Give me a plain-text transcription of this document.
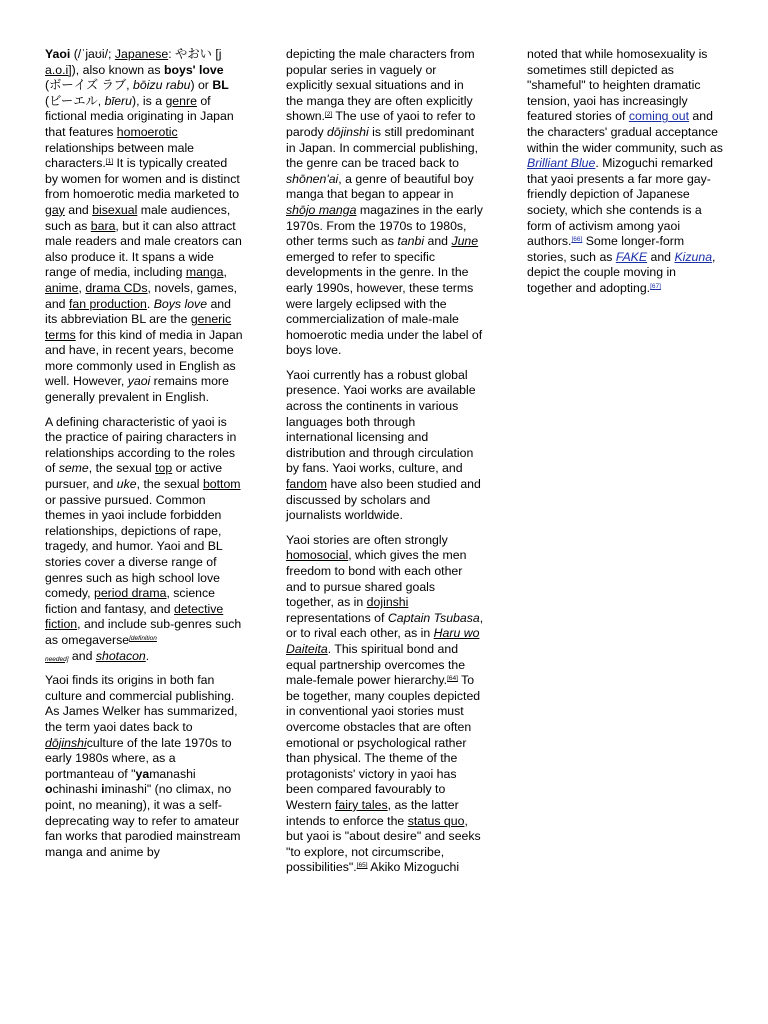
Yaoi (/ˈjaʊi/; Japanese: やおい [j a.o.i]), also known as boys' love (ボーイズ ラブ, bōizu rabu) or BL (ビーエル, bīeru), is a genre of fictional media originating in Japan that features homoerotic relationships between male characters.[1] It is typically created by women for women and is distinct from homoerotic media marketed to gay and bisexual male audiences, such as bara, but it can also attract male readers and male creators can also produce it. It spans a wide range of media, including manga, anime, drama CDs, novels, games, and fan production. Boys love and its abbreviation BL are the generic terms for this kind of media in Japan and have, in recent years, become more commonly used in English as well. However, yaoi remains more generally prevalent in English.

A defining characteristic of yaoi is the practice of pairing characters in relationships according to the roles of seme, the sexual top or active pursuer, and uke, the sexual bottom or passive pursued. Common themes in yaoi include forbidden relationships, depictions of rape, tragedy, and humor. Yaoi and BL stories cover a diverse range of genres such as high school love comedy, period drama, science fiction and fantasy, and detective fiction, and include sub-genres such as omegaverse$^{[definition}$
$_{needed]}$ and shotacon.

Yaoi finds its origins in both fan culture and commercial publishing. As James Welker has summarized, the term yaoi dates back to dōjinshiculture of the late 1970s to early 1980s where, as a portmanteau of "yamanashi ochinashi iminashi" (no climax, no point, no meaning), it was a self-deprecating way to refer to amateur fan works that parodied mainstream manga and anime by

depicting the male characters from popular series in vaguely or explicitly sexual situations and in the manga they are often explicitly shown.[2] The use of yaoi to refer to parody dōjinshi is still predominant in Japan. In commercial publishing, the genre can be traced back to shōnen'ai, a genre of beautiful boy manga that began to appear in shōjo manga magazines in the early 1970s. From the 1970s to 1980s, other terms such as tanbi and June emerged to refer to specific developments in the genre. In the early 1990s, however, these terms were largely eclipsed with the commercialization of male-male homoerotic media under the label of boys love.

Yaoi currently has a robust global presence. Yaoi works are available across the continents in various languages both through international licensing and distribution and through circulation by fans. Yaoi works, culture, and fandom have also been studied and discussed by scholars and journalists worldwide.

Yaoi stories are often strongly homosocial, which gives the men freedom to bond with each other and to pursue shared goals together, as in dojinshi representations of Captain Tsubasa, or to rival each other, as in Haru wo Daiteita. This spiritual bond and equal partnership overcomes the male-female power hierarchy.[64] To be together, many couples depicted in conventional yaoi stories must overcome obstacles that are often emotional or psychological rather than physical. The theme of the protagonists' victory in yaoi has been compared favourably to Western fairy tales, as the latter intends to enforce the status quo, but yaoi is "about desire" and seeks "to explore, not circumscribe, possibilities".[65] Akiko Mizoguchi

noted that while homosexuality is sometimes still depicted as "shameful" to heighten dramatic tension, yaoi has increasingly featured stories of coming out and the characters' gradual acceptance within the wider community, such as Brilliant Blue. Mizoguchi remarked that yaoi presents a far more gay-friendly depiction of Japanese society, which she contends is a form of activism among yaoi authors.[66] Some longer-form stories, such as FAKE and Kizuna, depict the couple moving in together and adopting.[67]
